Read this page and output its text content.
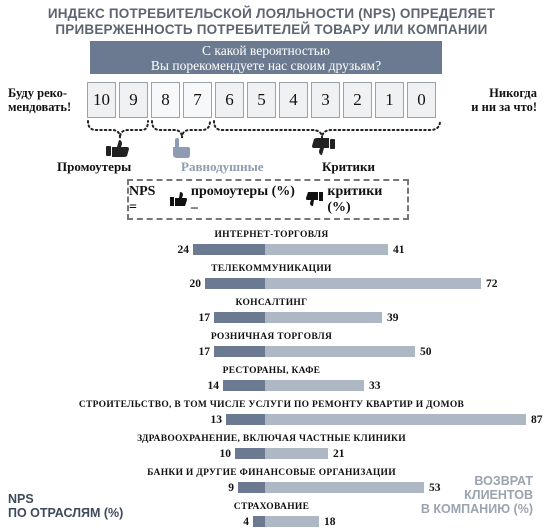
ИНДЕКС ПОТРЕБИТЕЛЬСКОЙ ЛОЯЛЬНОСТИ (NPS) ОПРЕДЕЛЯЕТ
ПРИВЕРЖЕННОСТЬ ПОТРЕБИТЕЛЕЙ ТОВАРУ ИЛИ КОМПАНИИ
С какой вероятностью
Вы порекомендуете нас своим друзьям?
Буду реко-
мендовать!
Никогда
и ни за что!
10	9	8	7	6	5	4	3	2	1	0
Промоутеры	Равнодушные	Критики
NPS =
промоутеры (%) –
критики (%)
ИНТЕРНЕТ-ТОРГОВЛЯ
24	41
ТЕЛЕКОММУНИКАЦИИ
20	72
КОНСАЛТИНГ
17	39
РОЗНИЧНАЯ ТОРГОВЛЯ
17	50
РЕСТОРАНЫ, КАФЕ
14	33
СТРОИТЕЛЬСТВО, В ТОМ ЧИСЛЕ УСЛУГИ ПО РЕМОНТУ КВАРТИР И ДОМОВ
13	87
ЗДРАВООХРАНЕНИЕ, ВКЛЮЧАЯ ЧАСТНЫЕ КЛИНИКИ
10	21
БАНКИ И ДРУГИЕ ФИНАНСОВЫЕ ОРГАНИЗАЦИИ
9	53
СТРАХОВАНИЕ
4	18
NPS
ПО ОТРАСЛЯМ (%)
ВОЗВРАТ
КЛИЕНТОВ
В КОМПАНИЮ (%)
